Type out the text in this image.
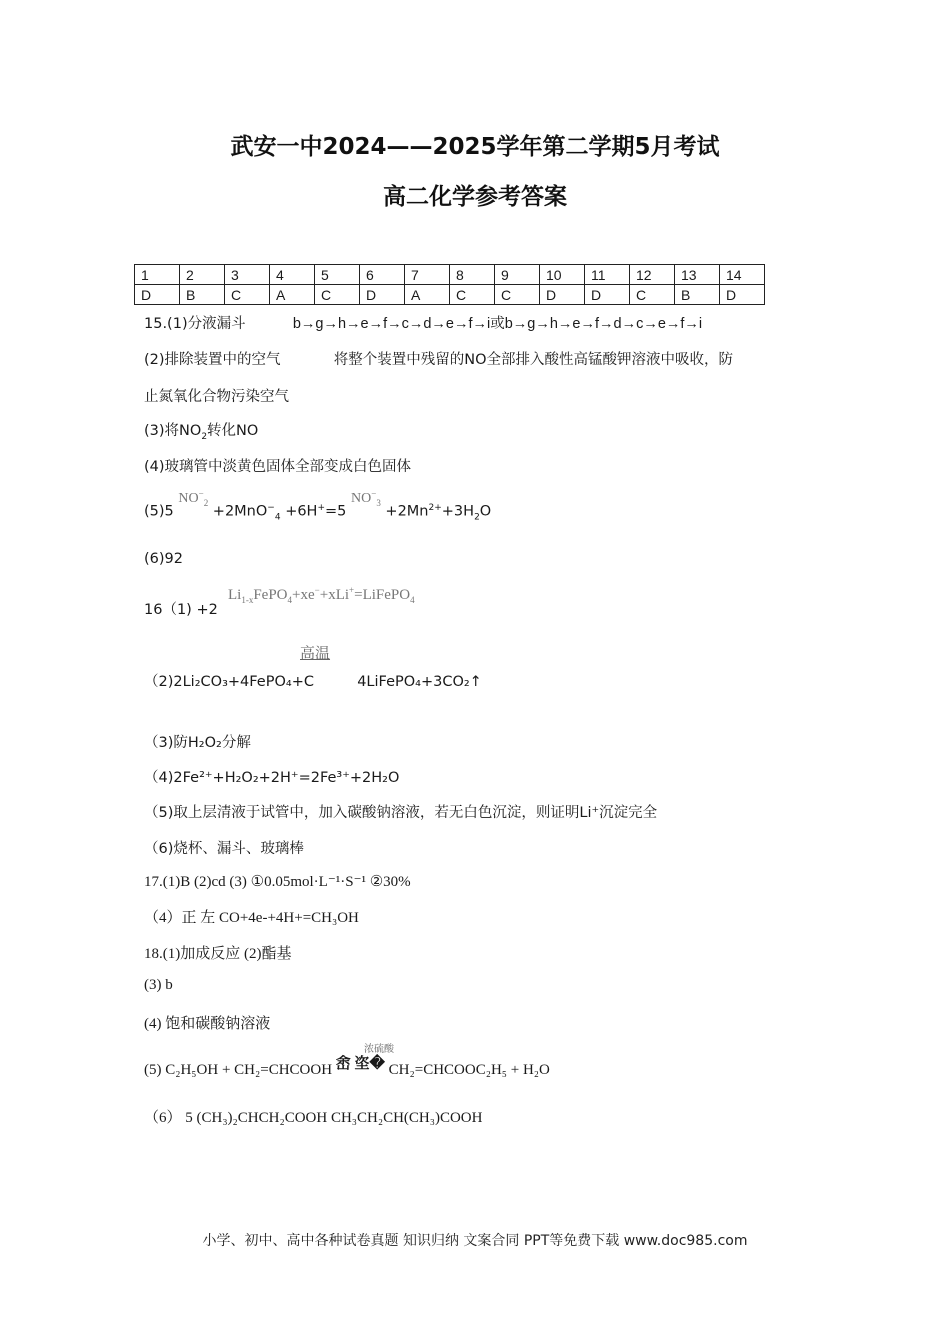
武安一中2024——2025学年第二学期5月考试
高二化学参考答案
1	2	3	4	5	6	7	8	9	10	11	12	13	14
D	B	C	A	C	D	A	C	C	D	D	C	B	D
15.(1)分液漏斗	b→g→h→e→f→c→d→e→f→i或b→g→h→e→f→d→c→e→f→i
(2)排除装置中的空气	将整个装置中残留的NO全部排入酸性高锰酸钾溶液中吸收，防
止氮氧化合物污染空气
(3)将$NO_2$转化NO
(4)玻璃管中淡黄色固体全部变成白色固体
(5)5 $NO^-_2 +2MnO^-_4 +6H^+=5$ $NO^-_3 +2Mn^{2+}+3H_2O$
(6)92
16（1) +2
$Li_{1-x}FePO_4+xe^-+xLi^+=LiFePO_4$
高温
（2)2Li₂CO₃+4FePO₄+C	4LiFePO₄+3CO₂↑
（3)防H₂O₂分解
（4)2Fe²⁺+H₂O₂+2H⁺=2Fe³⁺+2H₂O
（5)取上层清液于试管中，加入碳酸钠溶液，若无白色沉淀，则证明Li⁺沉淀完全
（6)烧杯、漏斗、玻璃棒
17.(1)B (2)cd (3) ①0.05mol·L⁻¹·S⁻¹ ②30%
（4）正 左 CO+4e-+4H+=CH₃OH
18.(1)加成反应 (2)酯基
(3) b
(4) 饱和碳酸钠溶液
浓硫酸
(5) C₂H₅OH + CH₂=CHCOOH 峹 垐� CH₂=CHCOOC₂H₅ + H₂O
（6） 5 (CH₃)₂CHCH₂COOH CH₃CH₂CH(CH₃)COOH
小学、初中、高中各种试卷真题 知识归纳 文案合同 PPT等免费下载 www.doc985.com
